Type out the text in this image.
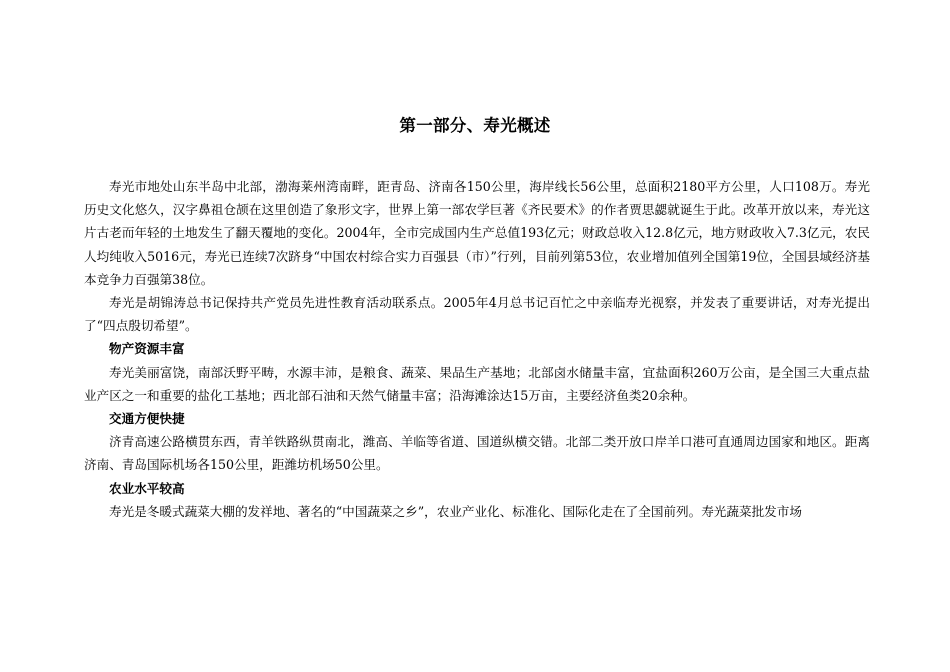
第一部分、寿光概述

寿光市地处山东半岛中北部，渤海莱州湾南畔，距青岛、济南各150公里，海岸线长56公里，总面积2180平方公里，人口108万。寿光历史文化悠久，汉字鼻祖仓颉在这里创造了象形文字，世界上第一部农学巨著《齐民要术》的作者贾思勰就诞生于此。改革开放以来，寿光这片古老而年轻的土地发生了翻天覆地的变化。2004年，全市完成国内生产总值193亿元；财政总收入12.8亿元，地方财政收入7.3亿元，农民人均纯收入5016元，寿光已连续7次跻身“中国农村综合实力百强县（市）”行列，目前列第53位，农业增加值列全国第19位，全国县域经济基本竞争力百强第38位。

寿光是胡锦涛总书记保持共产党员先进性教育活动联系点。2005年4月总书记百忙之中亲临寿光视察，并发表了重要讲话，对寿光提出了“四点殷切希望”。

物产资源丰富

寿光美丽富饶，南部沃野平畴，水源丰沛，是粮食、蔬菜、果品生产基地；北部卤水储量丰富，宜盐面积260万公亩，是全国三大重点盐业产区之一和重要的盐化工基地；西北部石油和天然气储量丰富；沿海滩涂达15万亩，主要经济鱼类20余种。

交通方便快捷

济青高速公路横贯东西，青羊铁路纵贯南北，潍高、羊临等省道、国道纵横交错。北部二类开放口岸羊口港可直通周边国家和地区。距离济南、青岛国际机场各150公里，距潍坊机场50公里。

农业水平较高

寿光是冬暖式蔬菜大棚的发祥地、著名的“中国蔬菜之乡”，农业产业化、标准化、国际化走在了全国前列。寿光蔬菜批发市场
